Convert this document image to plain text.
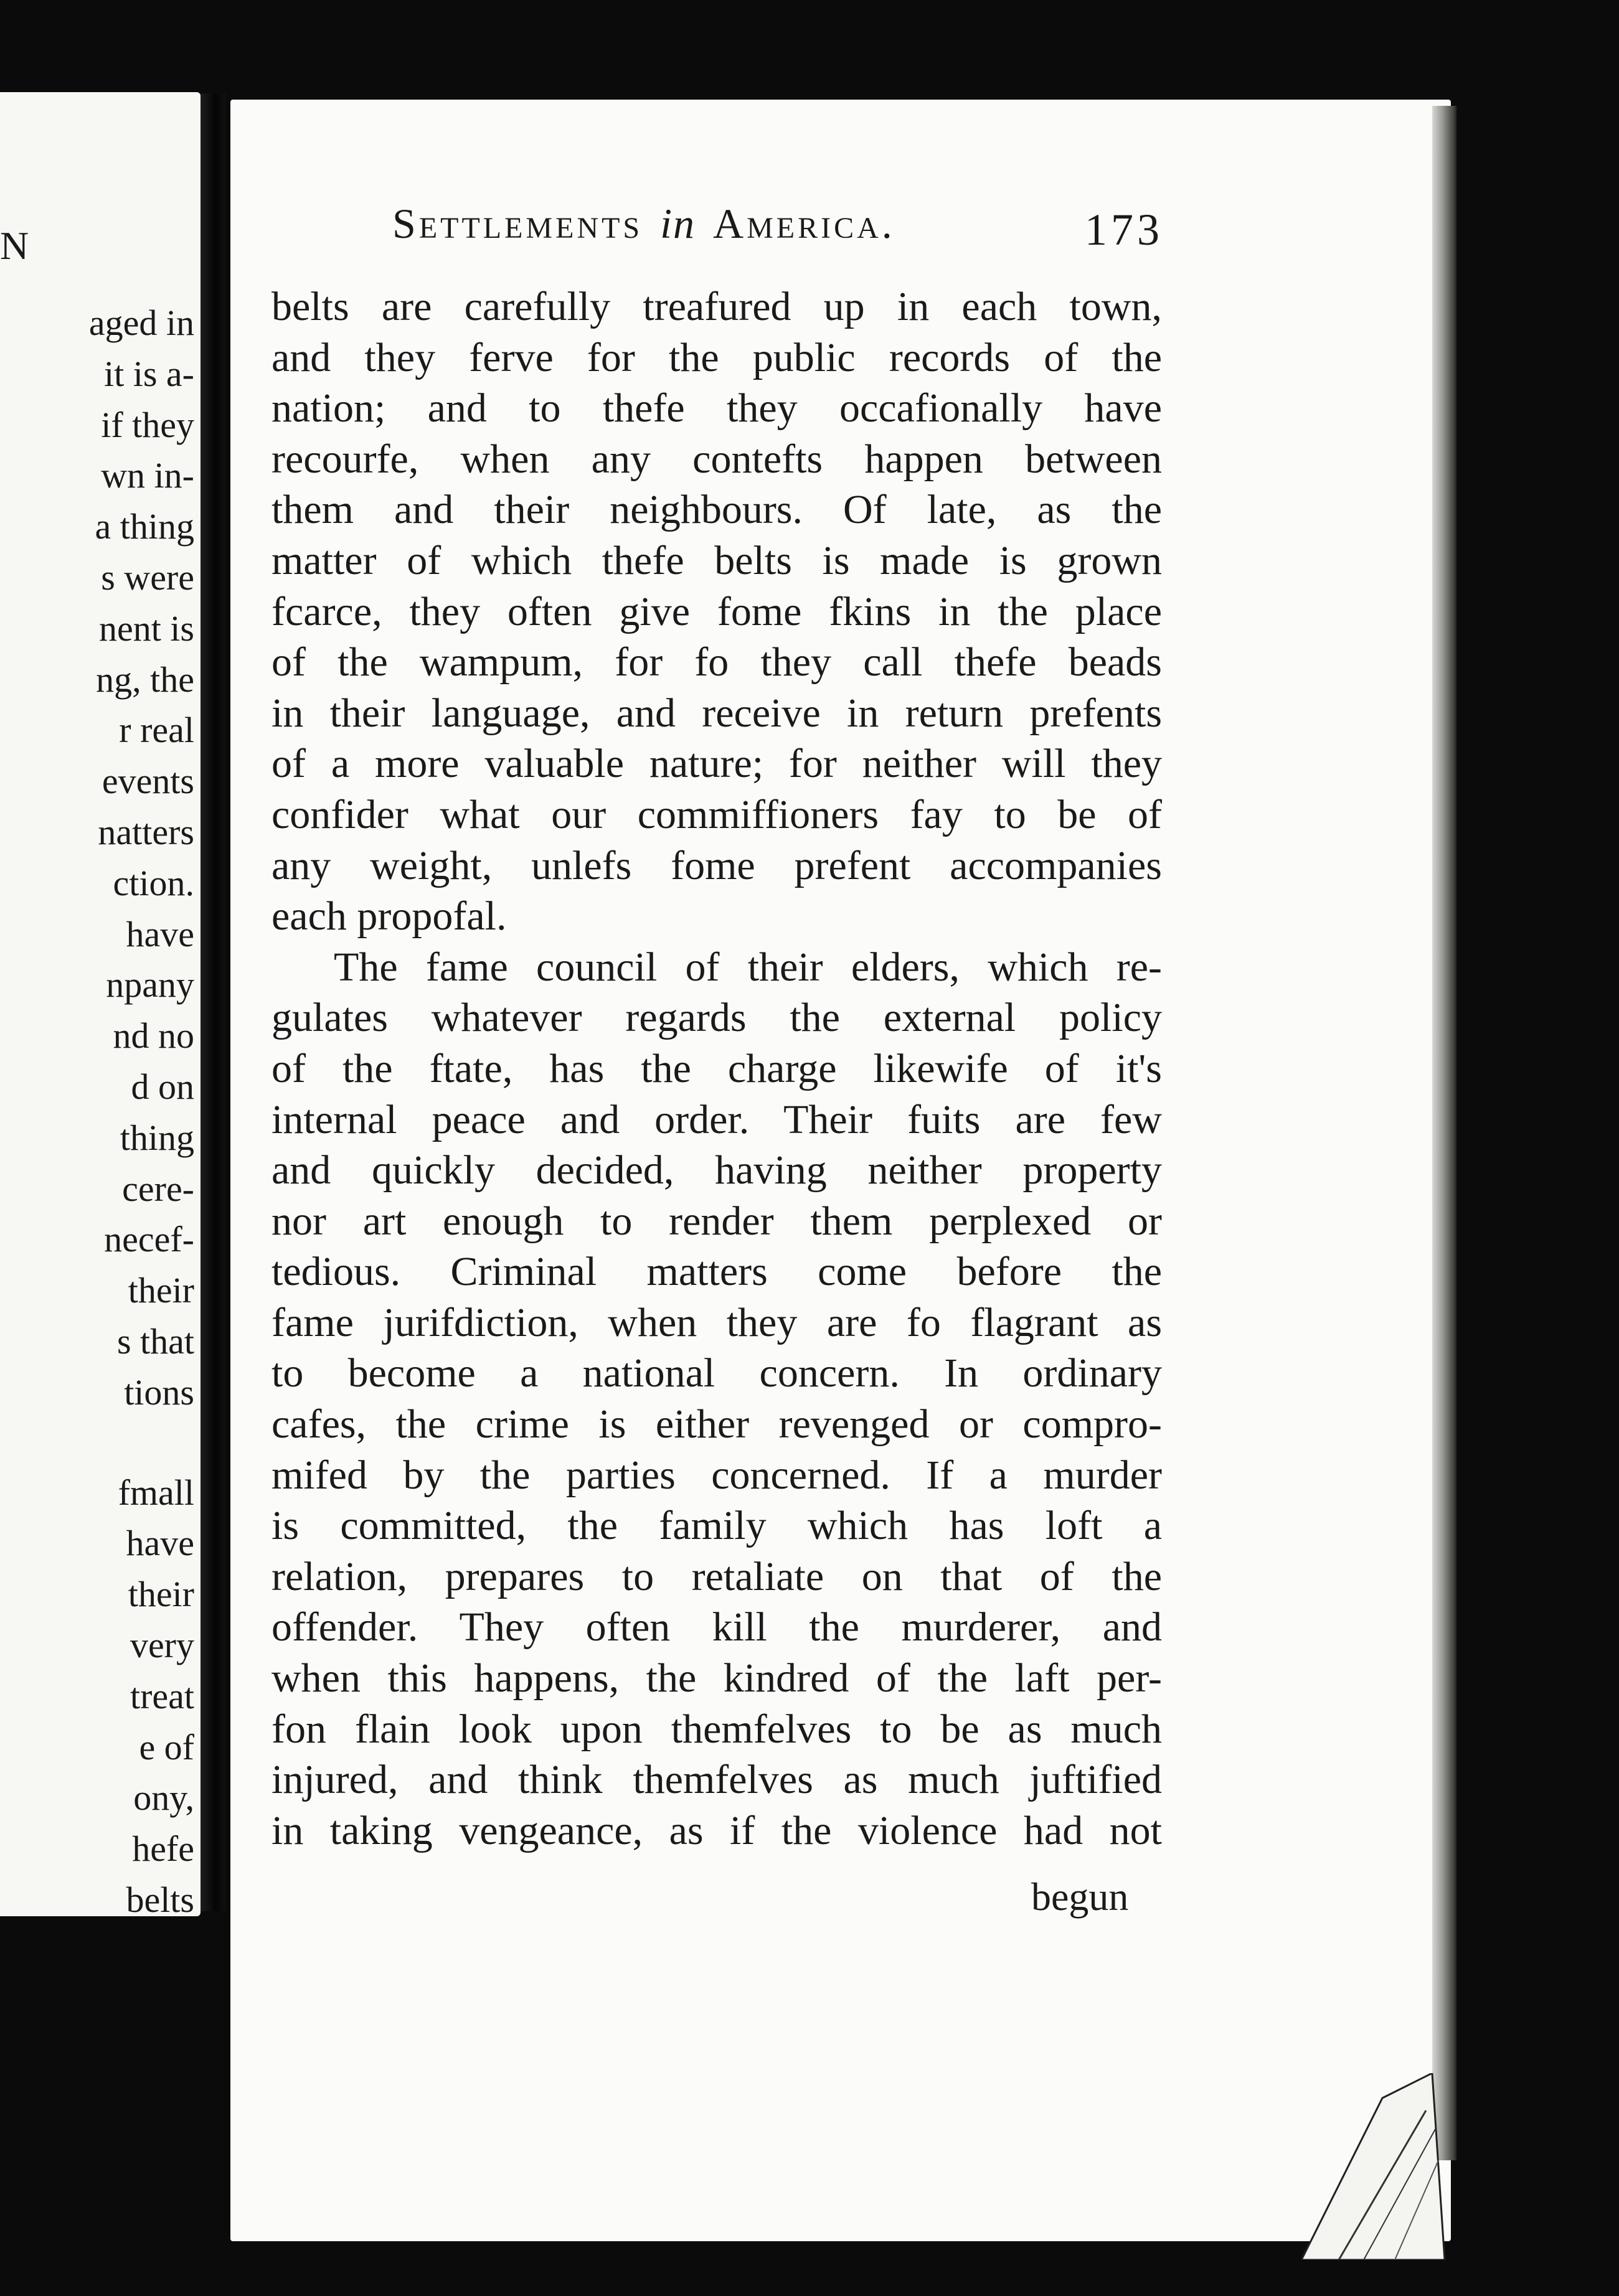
N
aged in
it is a-
if they
wn in-
a thing
s were
nent is
ng, the
r real
events
natters
ction.
have
npany
nd no
d on
thing
cere-
necef-
their
s that
tions
fmall
have
their
very
treat
e of
ony,
hefe
belts
Settlements in America.	173
belts are carefully treafured up in each town,
and they ferve for the public records of the
nation; and to thefe they occafionally have
recourfe, when any contefts happen between
them and their neighbours. Of late, as the
matter of which thefe belts is made is grown
fcarce, they often give fome fkins in the place
of the wampum, for fo they call thefe beads
in their language, and receive in return prefents
of a more valuable nature; for neither will they
confider what our commiffioners fay to be of
any weight, unlefs fome prefent accompanies
each propofal.
The fame council of their elders, which re-
gulates whatever regards the external policy
of the ftate, has the charge likewife of it's
internal peace and order. Their fuits are few
and quickly decided, having neither property
nor art enough to render them perplexed or
tedious. Criminal matters come before the
fame jurifdiction, when they are fo flagrant as
to become a national concern. In ordinary
cafes, the crime is either revenged or compro-
mifed by the parties concerned. If a murder
is committed, the family which has loft a
relation, prepares to retaliate on that of the
offender. They often kill the murderer, and
when this happens, the kindred of the laft per-
fon flain look upon themfelves to be as much
injured, and think themfelves as much juftified
in taking vengeance, as if the violence had not
begun
